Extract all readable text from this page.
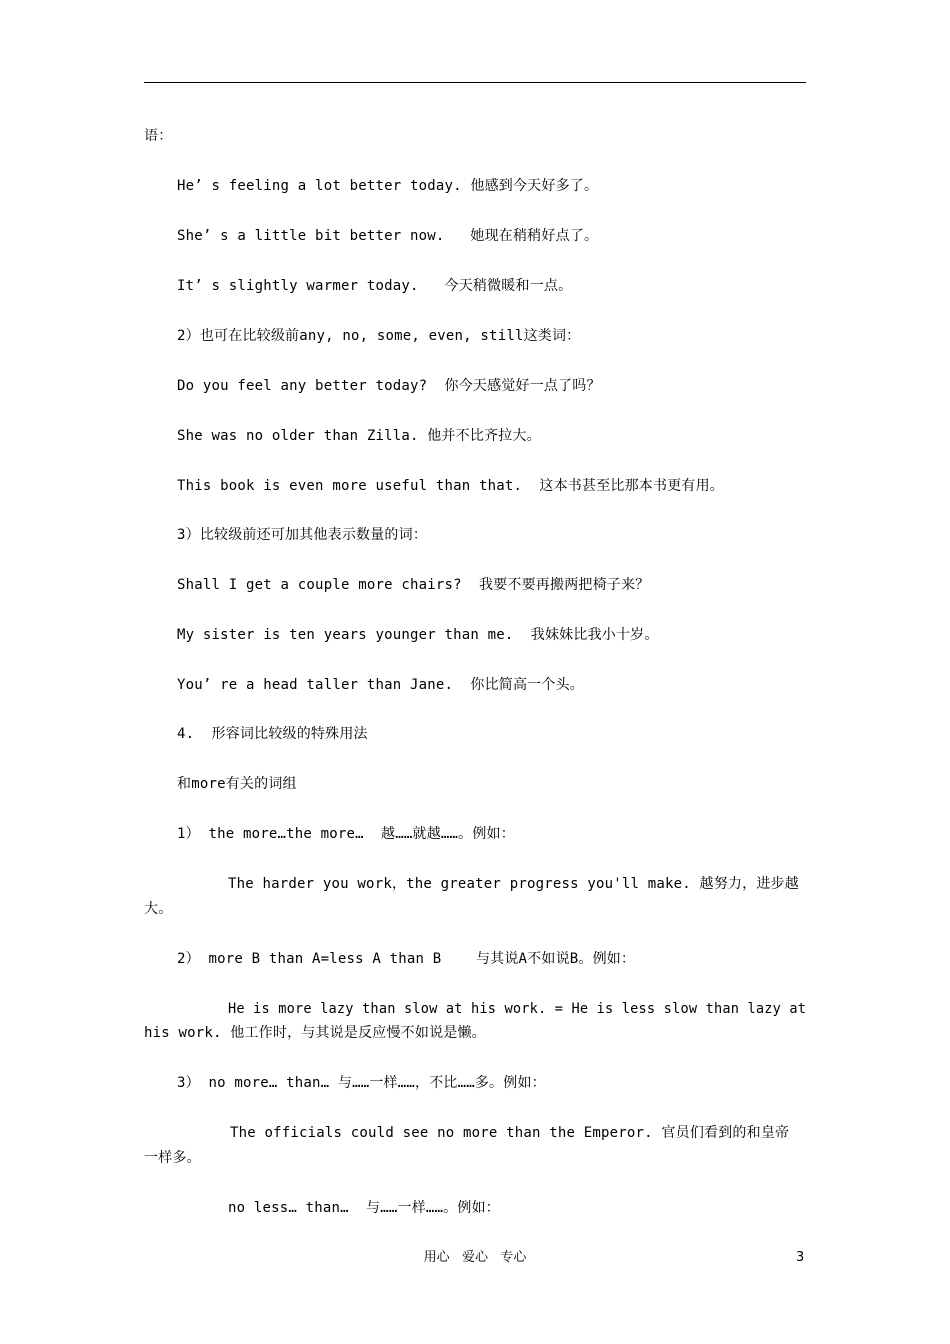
语：
He’ s feeling a lot better today. 他感到今天好多了。
She’ s a little bit better now.   她现在稍稍好点了。
It’ s slightly warmer today.   今天稍微暖和一点。
2）也可在比较级前any, no, some, even, still这类词：
Do you feel any better today?  你今天感觉好一点了吗？
She was no older than Zilla. 他并不比齐拉大。
This book is even more useful than that.  这本书甚至比那本书更有用。
3）比较级前还可加其他表示数量的词：
Shall I get a couple more chairs?  我要不要再搬两把椅子来？
My sister is ten years younger than me.  我妹妹比我小十岁。
You’ re a head taller than Jane.  你比简高一个头。
4.  形容词比较级的特殊用法
和more有关的词组
1） the more…the more…  越……就越……。例如：
The harder you work，the greater progress you'll make. 越努力，进步越
大。
2） more B than A=less A than B    与其说A不如说B。例如：
He is more lazy than slow at his work. = He is less slow than lazy at
his work. 他工作时，与其说是反应慢不如说是懒。
3） no more… than… 与……一样……，不比……多。例如：
The officials could see no more than the Emperor. 官员们看到的和皇帝
一样多。
no less… than…  与……一样……。例如：
用心   爱心   专心	3
